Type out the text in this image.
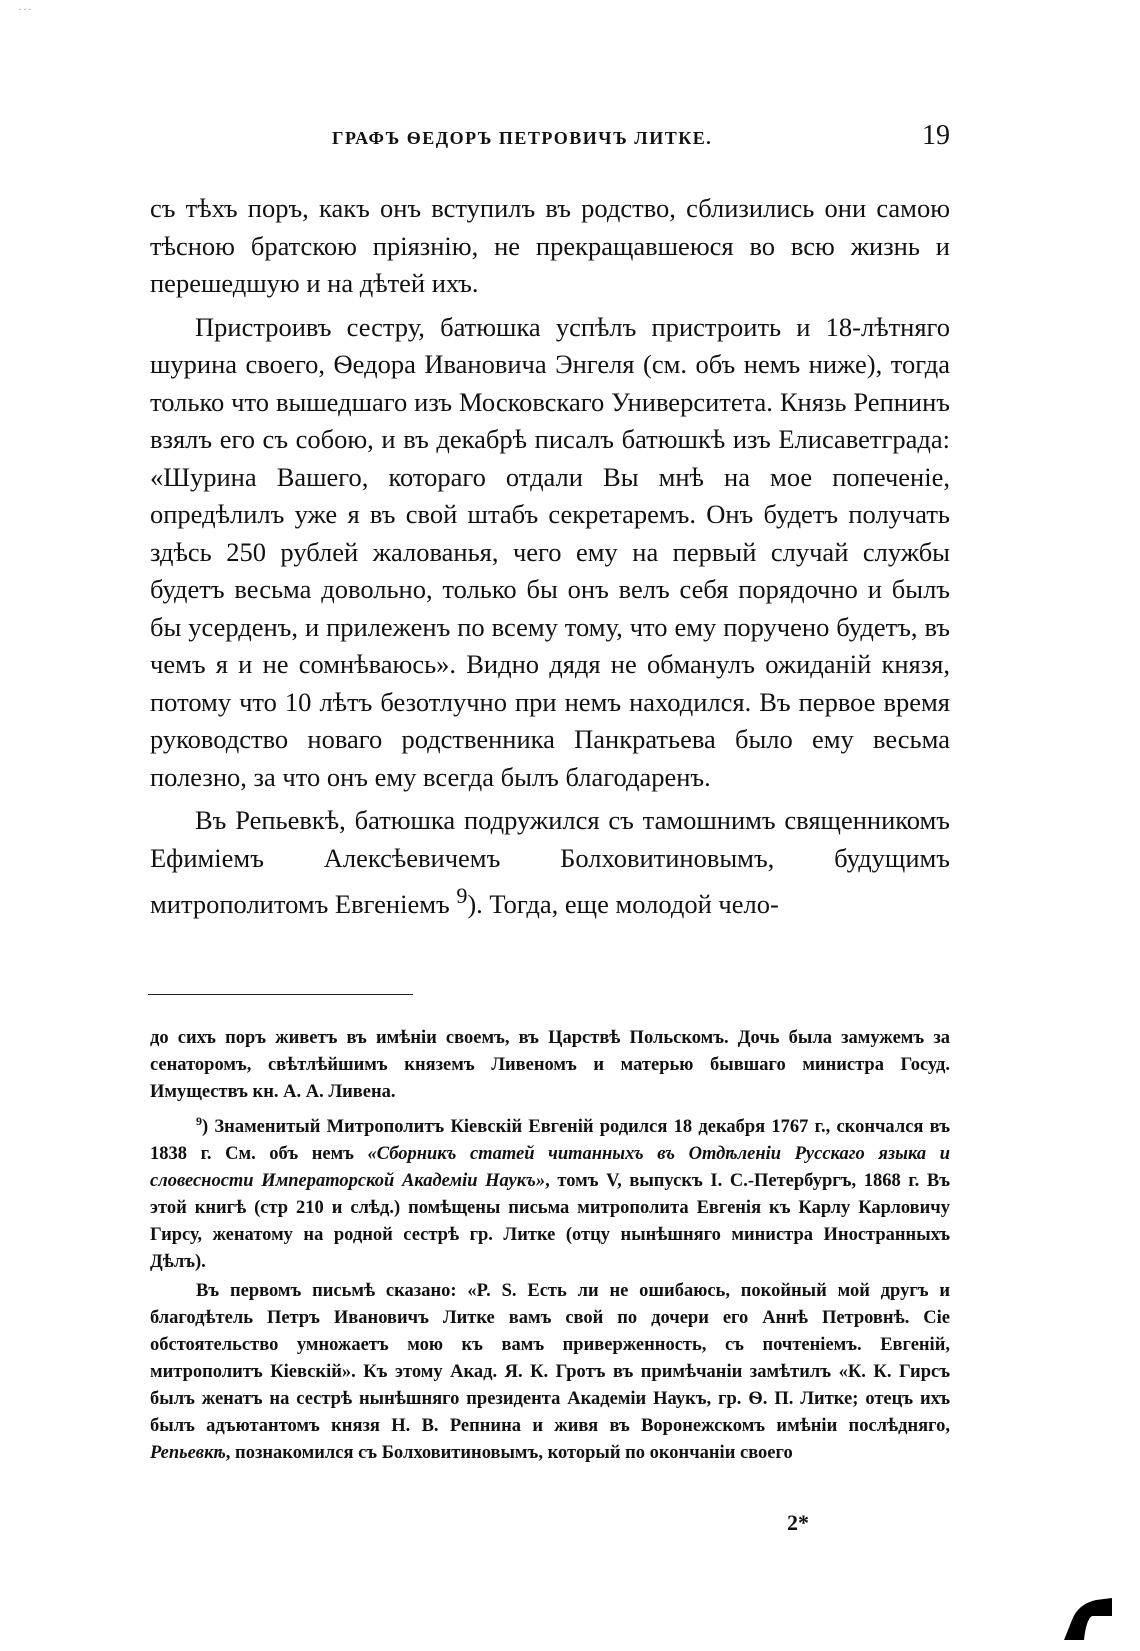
···
ГРАФЪ ѲЕДОРЪ ПЕТРОВИЧЪ ЛИТКЕ.	19

съ тѣхъ поръ, какъ онъ вступилъ въ родство, сблизились они самою тѣсною братскою пріязнію, не прекращавшеюся во всю жизнь и перешедшую и на дѣтей ихъ.

Пристроивъ сестру, батюшка успѣлъ пристроить и 18-лѣтняго шурина своего, Ѳедора Ивановича Энгеля (см. объ немъ ниже), тогда только что вышедшаго изъ Московскаго Университета. Князь Репнинъ взялъ его съ собою, и въ декабрѣ писалъ батюшкѣ изъ Елисаветграда: «Шурина Вашего, котораго отдали Вы мнѣ на мое попеченіе, опредѣлилъ уже я въ свой штабъ секретаремъ. Онъ будетъ получать здѣсь 250 рублей жалованья, чего ему на первый случай службы будетъ весьма довольно, только бы онъ велъ себя порядочно и былъ бы усерденъ, и прилеженъ по всему тому, что ему поручено будетъ, въ чемъ я и не сомнѣваюсь». Видно дядя не обманулъ ожиданій князя, потому что 10 лѣтъ безотлучно при немъ находился. Въ первое время руководство новаго родственника Панкратьева было ему весьма полезно, за что онъ ему всегда былъ благодаренъ.

Въ Репьевкѣ, батюшка подружился съ тамошнимъ священникомъ Ефиміемъ Алексѣевичемъ Болховитиновымъ, будущимъ митрополитомъ Евгеніемъ $^9$). Тогда, еще молодой чело-

до сихъ поръ живетъ въ имѣніи своемъ, въ Царствѣ Польскомъ. Дочь была замужемъ за сенаторомъ, свѣтлѣйшимъ княземъ Ливеномъ и матерью бывшаго министра Госуд. Имуществъ кн. А. А. Ливена.

$^9$) Знаменитый Митрополитъ Кіевскій Евгеній родился 18 декабря 1767 г., скончался въ 1838 г. См. объ немъ «Сборникъ статей читанныхъ въ Отдѣленіи Русскаго языка и словесности Императорской Академіи Наукъ», томъ V, выпускъ I. С.-Петербургъ, 1868 г. Въ этой книгѣ (стр 210 и слѣд.) помѣщены письма митрополита Евгенія къ Карлу Карловичу Гирсу, женатому на родной сестрѣ гр. Литке (отцу нынѣшняго министра Иностранныхъ Дѣлъ).

Въ первомъ письмѣ сказано: «P. S. Есть ли не ошибаюсь, покойный мой другъ и благодѣтель Петръ Ивановичъ Литке вамъ свой по дочери его Аннѣ Петровнѣ. Сіе обстоятельство умножаетъ мою къ вамъ приверженность, съ почтеніемъ. Евгеній, митрополитъ Кіевскій». Къ этому Акад. Я. К. Гротъ въ примѣчаніи замѣтилъ «К. К. Гирсъ былъ женатъ на сестрѣ нынѣшняго президента Академіи Наукъ, гр. Ѳ. П. Литке; отецъ ихъ былъ адъютантомъ князя Н. В. Репнина и живя въ Воронежскомъ имѣніи послѣдняго, Репьевкѣ, познакомился съ Болховитиновымъ, который по окончаніи своего

2*
